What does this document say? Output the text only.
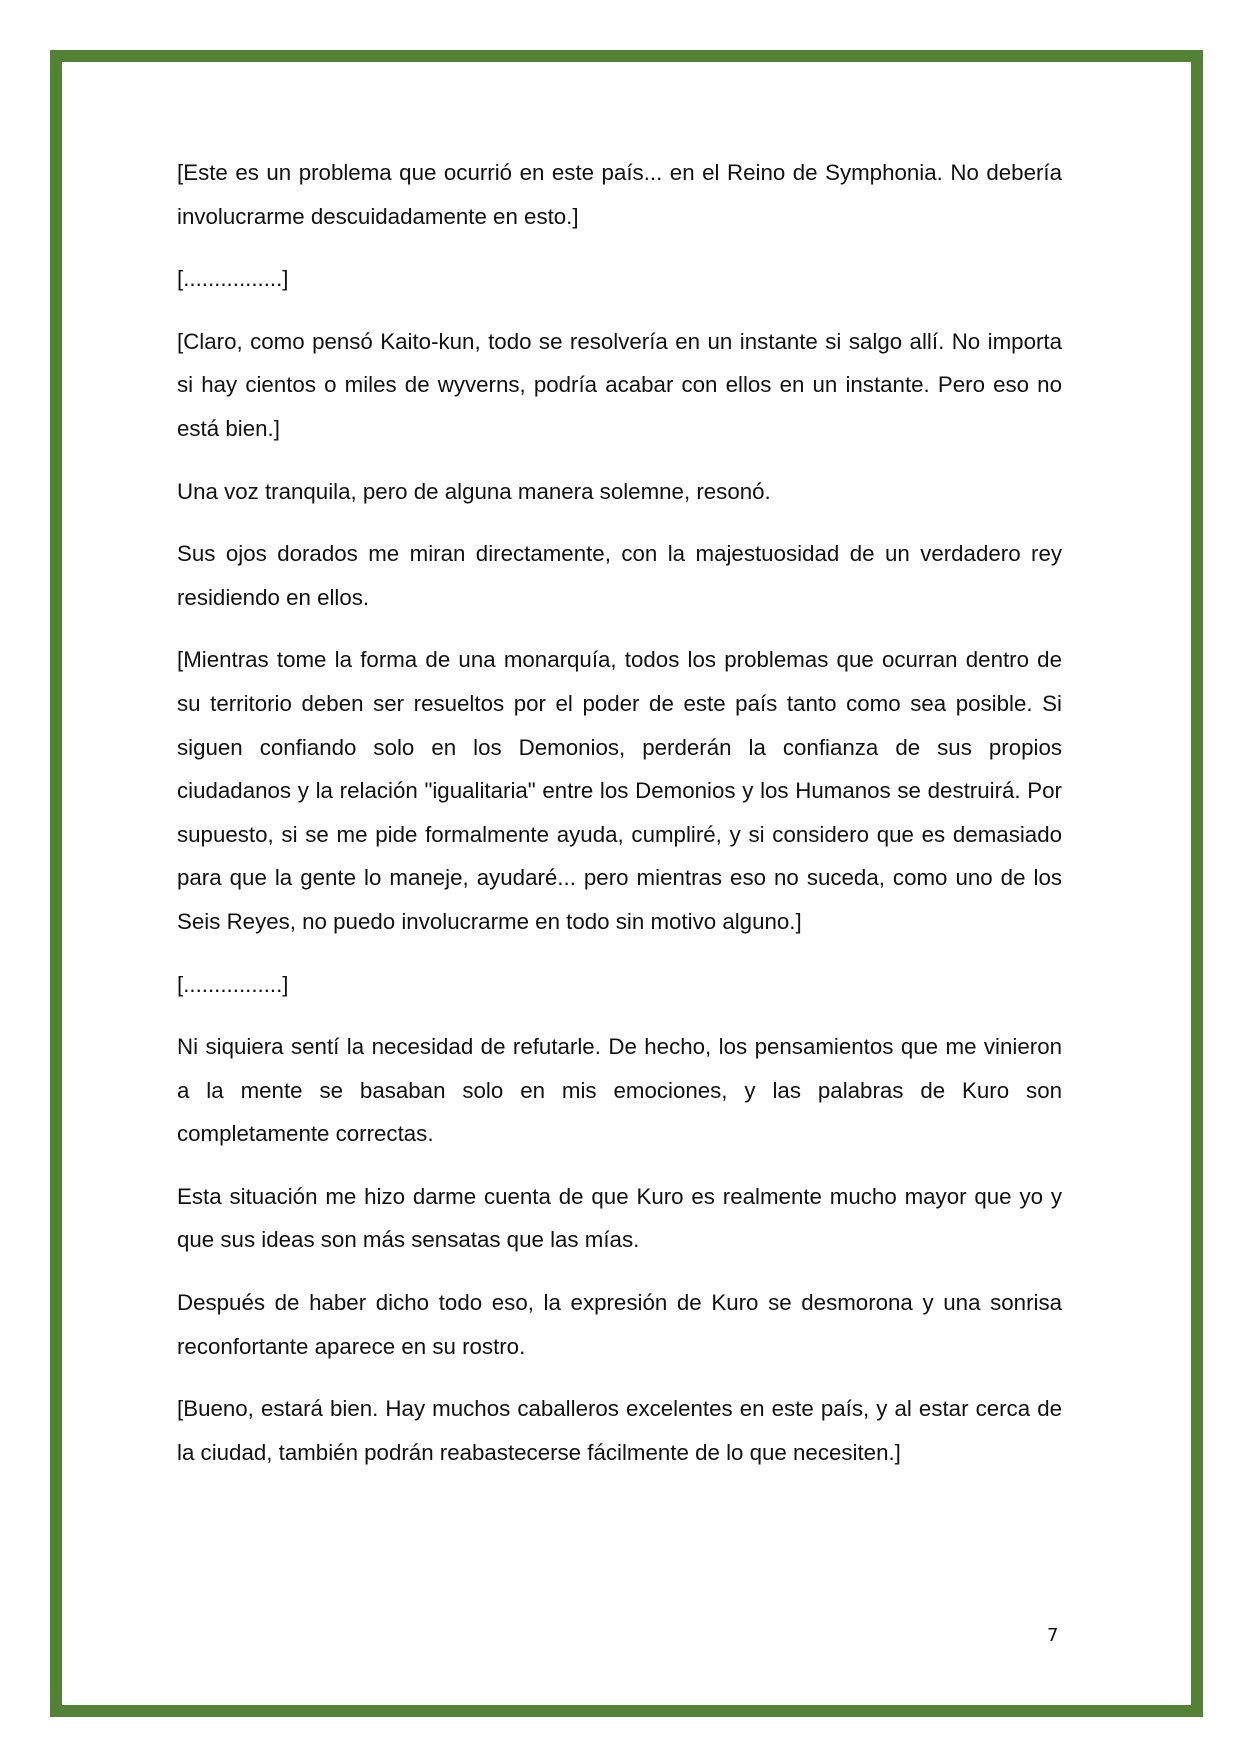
[Este es un problema que ocurrió en este país... en el Reino de Symphonia. No debería involucrarme descuidadamente en esto.]

[................]

[Claro, como pensó Kaito-kun, todo se resolvería en un instante si salgo allí. No importa si hay cientos o miles de wyverns, podría acabar con ellos en un instante. Pero eso no está bien.]

Una voz tranquila, pero de alguna manera solemne, resonó.

Sus ojos dorados me miran directamente, con la majestuosidad de un verdadero rey residiendo en ellos.

[Mientras tome la forma de una monarquía, todos los problemas que ocurran dentro de su territorio deben ser resueltos por el poder de este país tanto como sea posible. Si siguen confiando solo en los Demonios, perderán la confianza de sus propios ciudadanos y la relación "igualitaria" entre los Demonios y los Humanos se destruirá. Por supuesto, si se me pide formalmente ayuda, cumpliré, y si considero que es demasiado para que la gente lo maneje, ayudaré... pero mientras eso no suceda, como uno de los Seis Reyes, no puedo involucrarme en todo sin motivo alguno.]

[................]

Ni siquiera sentí la necesidad de refutarle. De hecho, los pensamientos que me vinieron a la mente se basaban solo en mis emociones, y las palabras de Kuro son completamente correctas.

Esta situación me hizo darme cuenta de que Kuro es realmente mucho mayor que yo y que sus ideas son más sensatas que las mías.

Después de haber dicho todo eso, la expresión de Kuro se desmorona y una sonrisa reconfortante aparece en su rostro.

[Bueno, estará bien. Hay muchos caballeros excelentes en este país, y al estar cerca de la ciudad, también podrán reabastecerse fácilmente de lo que necesiten.]

7
